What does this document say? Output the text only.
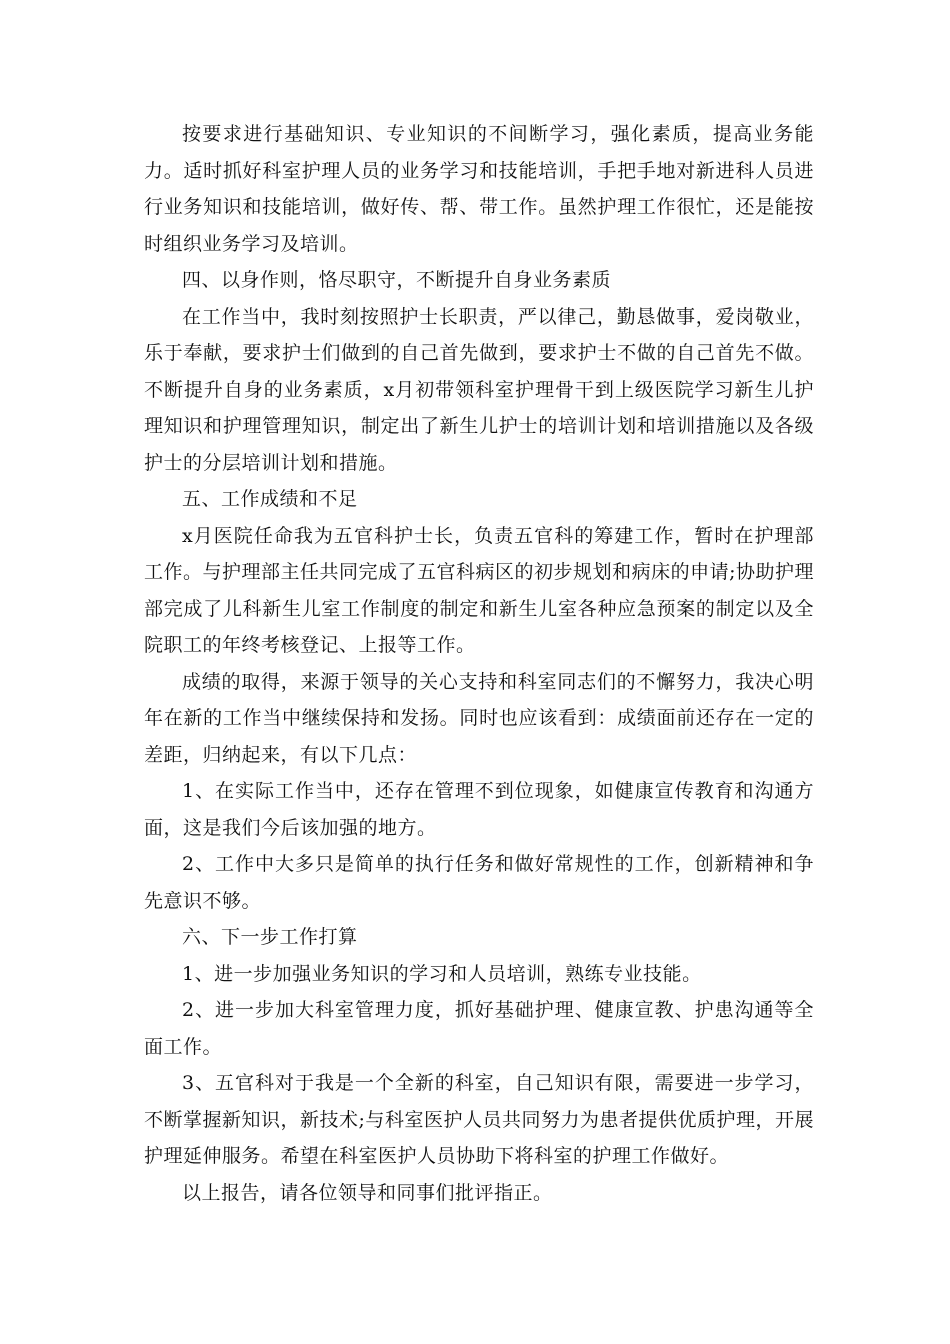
按要求进行基础知识、专业知识的不间断学习，强化素质，提高业务能力。适时抓好科室护理人员的业务学习和技能培训，手把手地对新进科人员进行业务知识和技能培训，做好传、帮、带工作。虽然护理工作很忙，还是能按时组织业务学习及培训。

四、以身作则，恪尽职守，不断提升自身业务素质

在工作当中，我时刻按照护士长职责，严以律己，勤恳做事，爱岗敬业，乐于奉献，要求护士们做到的自己首先做到，要求护士不做的自己首先不做。不断提升自身的业务素质，x月初带领科室护理骨干到上级医院学习新生儿护理知识和护理管理知识，制定出了新生儿护士的培训计划和培训措施以及各级护士的分层培训计划和措施。

五、工作成绩和不足

x月医院任命我为五官科护士长，负责五官科的筹建工作，暂时在护理部工作。与护理部主任共同完成了五官科病区的初步规划和病床的申请;协助护理部完成了儿科新生儿室工作制度的制定和新生儿室各种应急预案的制定以及全院职工的年终考核登记、上报等工作。

成绩的取得，来源于领导的关心支持和科室同志们的不懈努力，我决心明年在新的工作当中继续保持和发扬。同时也应该看到：成绩面前还存在一定的差距，归纳起来，有以下几点：

1、在实际工作当中，还存在管理不到位现象，如健康宣传教育和沟通方面，这是我们今后该加强的地方。

2、工作中大多只是简单的执行任务和做好常规性的工作，创新精神和争先意识不够。

六、下一步工作打算

1、进一步加强业务知识的学习和人员培训，熟练专业技能。

2、进一步加大科室管理力度，抓好基础护理、健康宣教、护患沟通等全面工作。

3、五官科对于我是一个全新的科室，自己知识有限，需要进一步学习，不断掌握新知识，新技术;与科室医护人员共同努力为患者提供优质护理，开展护理延伸服务。希望在科室医护人员协助下将科室的护理工作做好。

以上报告，请各位领导和同事们批评指正。
